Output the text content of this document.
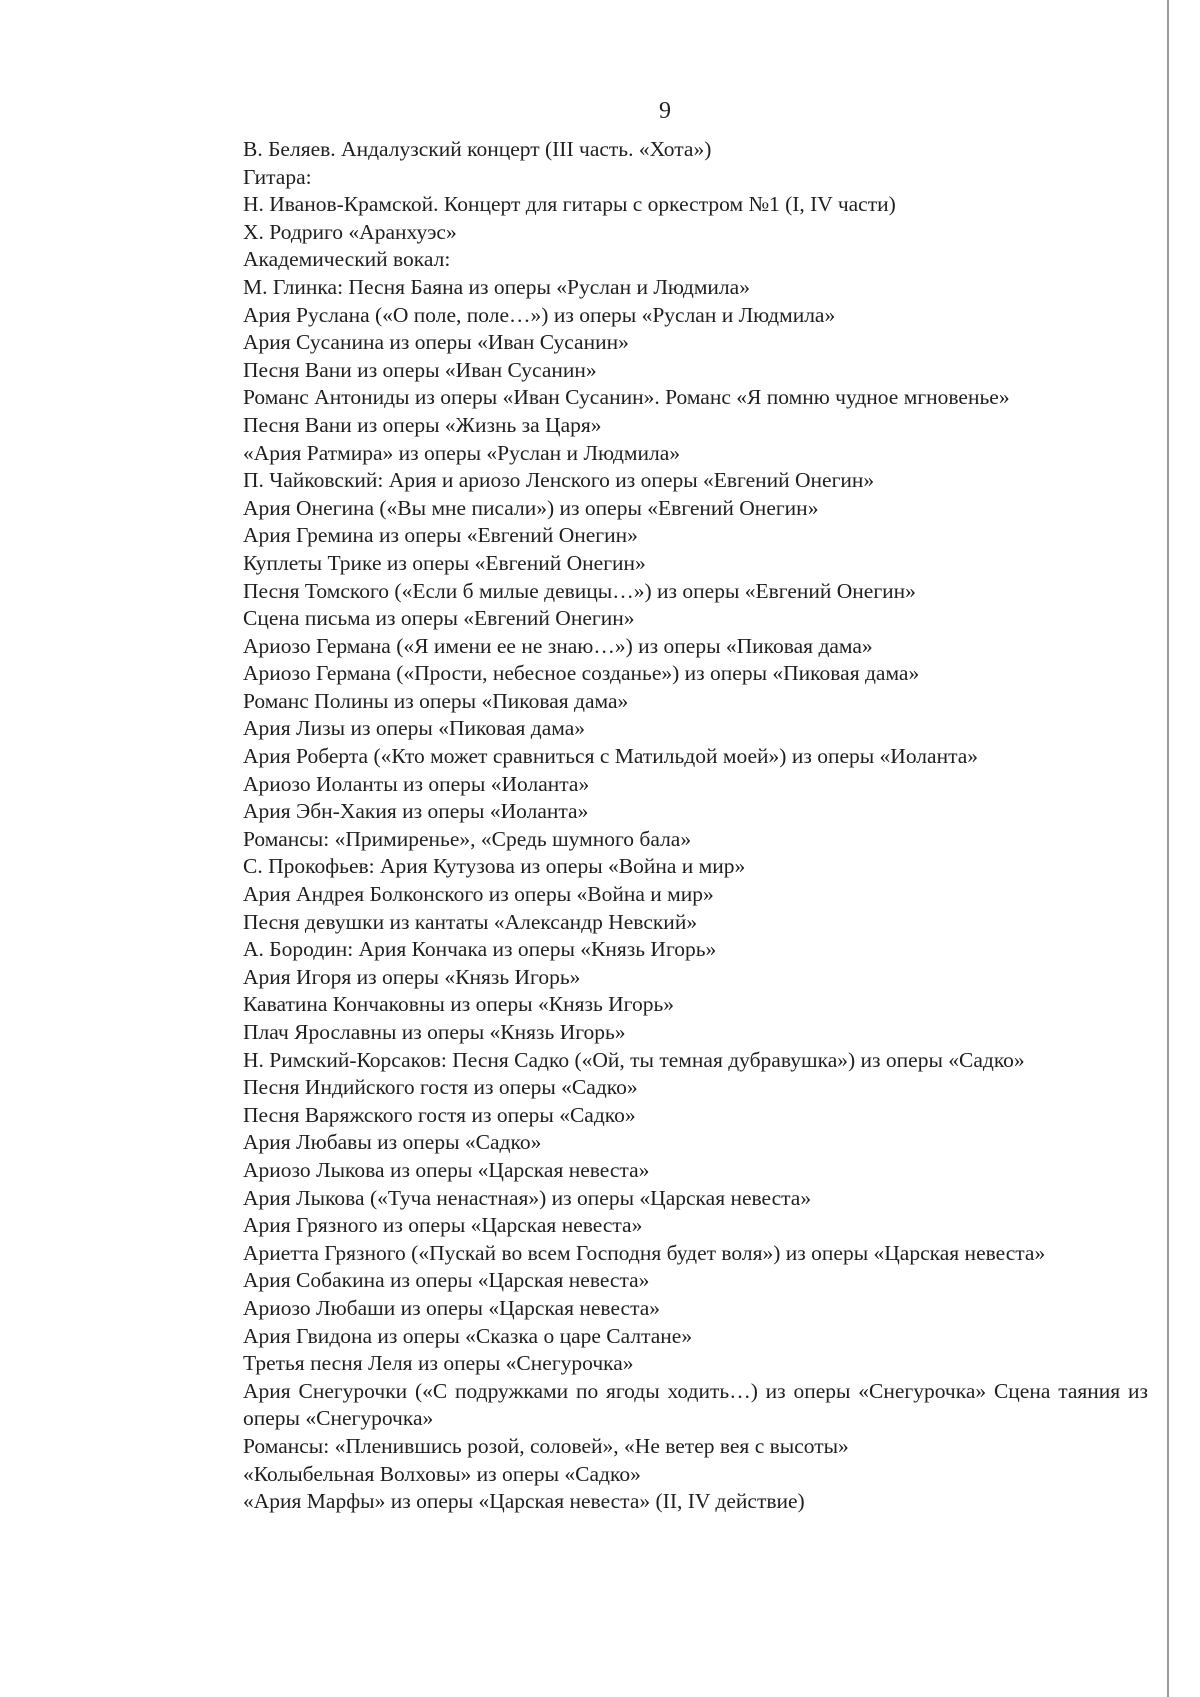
9
В. Беляев. Андалузский концерт (III часть. «Хота»)
Гитара:
Н. Иванов-Крамской. Концерт для гитары с оркестром №1 (I, IV части)
Х. Родриго «Аранхуэс»
Академический вокал:
М. Глинка: Песня Баяна из оперы «Руслан и Людмила»
Ария Руслана («О поле, поле…») из оперы «Руслан и Людмила»
Ария Сусанина из оперы «Иван Сусанин»
Песня Вани из оперы «Иван Сусанин»
Романс Антониды из оперы «Иван Сусанин». Романс «Я помню чудное мгновенье»
Песня Вани из оперы «Жизнь за Царя»
«Ария Ратмира» из оперы «Руслан и Людмила»
П. Чайковский: Ария и ариозо Ленского из оперы «Евгений Онегин»
Ария Онегина («Вы мне писали») из оперы «Евгений Онегин»
Ария Гремина из оперы «Евгений Онегин»
Куплеты Трике из оперы «Евгений Онегин»
Песня Томского («Если б милые девицы…») из оперы «Евгений Онегин»
Сцена письма из оперы «Евгений Онегин»
Ариозо Германа («Я имени ее не знаю…») из оперы «Пиковая дама»
Ариозо Германа («Прости, небесное созданье») из оперы «Пиковая дама»
Романс Полины из оперы «Пиковая дама»
Ария Лизы из оперы «Пиковая дама»
Ария Роберта («Кто может сравниться с Матильдой моей») из оперы «Иоланта»
Ариозо Иоланты из оперы «Иоланта»
Ария Эбн-Хакия из оперы «Иоланта»
Романсы: «Примиренье», «Средь шумного бала»
С. Прокофьев: Ария Кутузова из оперы «Война и мир»
Ария Андрея Болконского из оперы «Война и мир»
Песня девушки из кантаты «Александр Невский»
А. Бородин: Ария Кончака из оперы «Князь Игорь»
Ария Игоря из оперы «Князь Игорь»
Каватина Кончаковны из оперы «Князь Игорь»
Плач Ярославны из оперы «Князь Игорь»
Н. Римский-Корсаков: Песня Садко («Ой, ты темная дубравушка») из оперы «Садко»
Песня Индийского гостя из оперы «Садко»
Песня Варяжского гостя из оперы «Садко»
Ария Любавы из оперы «Садко»
Ариозо Лыкова из оперы «Царская невеста»
Ария Лыкова («Туча ненастная») из оперы «Царская невеста»
Ария Грязного из оперы «Царская невеста»
Ариетта Грязного («Пускай во всем Господня будет воля») из оперы «Царская невеста»
Ария Собакина из оперы «Царская невеста»
Ариозо Любаши из оперы «Царская невеста»
Ария Гвидона из оперы «Сказка о царе Салтане»
Третья песня Леля из оперы «Снегурочка»
Ария Снегурочки («С подружками по ягоды ходить…) из оперы «Снегурочка» Сцена таяния из оперы «Снегурочка»
Романсы: «Пленившись розой, соловей», «Не ветер вея с высоты»
«Колыбельная Волховы» из оперы «Садко»
«Ария Марфы» из оперы «Царская невеста» (II, IV действие)
